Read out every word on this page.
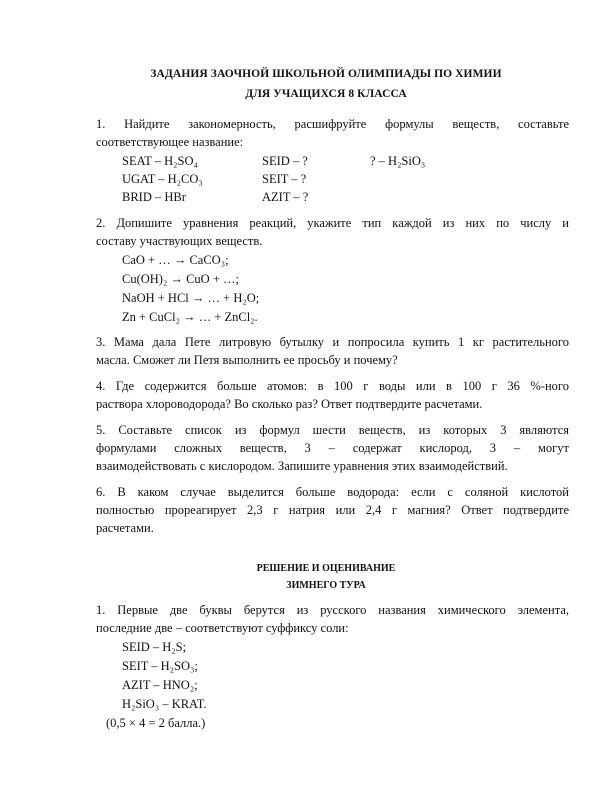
ЗАДАНИЯ ЗАОЧНОЙ ШКОЛЬНОЙ ОЛИМПИАДЫ ПО ХИМИИ
ДЛЯ УЧАЩИХСЯ 8 КЛАССА
1. Найдите закономерность, расшифруйте формулы веществ, составьте
соответствующее название:
SEAT – H₂SO₄	SEID – ?	? – H₂SiO₃
UGAT – H₂CO₃	SEIT – ?
BRID – HBr	AZIT – ?
2. Допишите уравнения реакций, укажите тип каждой из них по числу и
составу участвующих веществ.
CaO + … → CaCO₃;
Cu(OH)₂ → CuO + …;
NaOH + HCl → … + H₂O;
Zn + CuCl₂ → … + ZnCl₂.
3. Мама дала Пете литровую бутылку и попросила купить 1 кг растительного
масла. Сможет ли Петя выполнить ее просьбу и почему?
4. Где содержится больше атомов: в 100 г воды или в 100 г 36 %-ного
раствора хлороводорода? Во сколько раз? Ответ подтвердите расчетами.
5. Составьте список из формул шести веществ, из которых 3 являются
формулами сложных веществ, 3 – содержат кислород, 3 – могут
взаимодействовать с кислородом. Запишите уравнения этих взаимодействий.
6. В каком случае выделится больше водорода: если с соляной кислотой
полностью прореагирует 2,3 г натрия или 2,4 г магния? Ответ подтвердите
расчетами.
РЕШЕНИЕ И ОЦЕНИВАНИЕ
ЗИМНЕГО ТУРА
1. Первые две буквы берутся из русского названия химического элемента,
последние две – соответствуют суффиксу соли:
SEID – H₂S;
SEIT – H₂SO₃;
AZIT – HNO₂;
H₂SiO₃ – KRAT.
(0,5 × 4 = 2 балла.)
